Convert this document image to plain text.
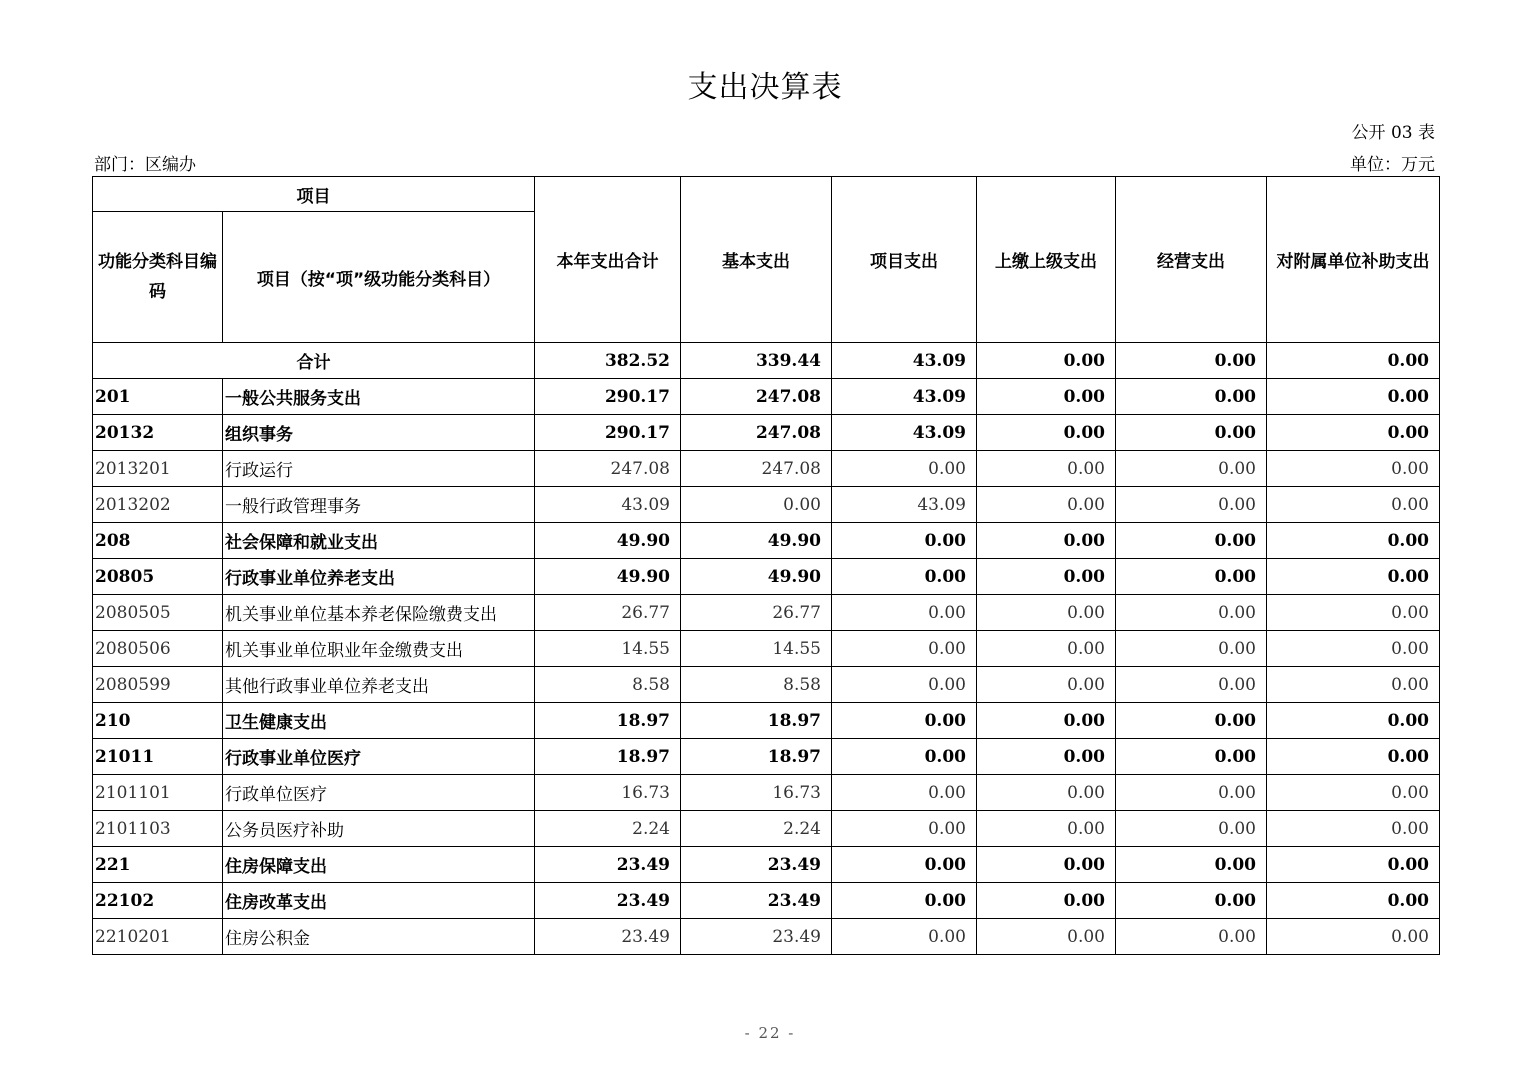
支出决算表
公开 03 表
部门：区编办	单位：万元
项目		本年支出合计	基本支出	项目支出	上缴上级支出	经营支出	对附属单位补助支出
功能分类科目编码	项目（按“项”级功能分类科目）						
合计		382.52	339.44	43.09	0.00	0.00	0.00
201	一般公共服务支出	290.17	247.08	43.09	0.00	0.00	0.00
20132	组织事务	290.17	247.08	43.09	0.00	0.00	0.00
2013201	行政运行	247.08	247.08	0.00	0.00	0.00	0.00
2013202	一般行政管理事务	43.09	0.00	43.09	0.00	0.00	0.00
208	社会保障和就业支出	49.90	49.90	0.00	0.00	0.00	0.00
20805	行政事业单位养老支出	49.90	49.90	0.00	0.00	0.00	0.00
2080505	机关事业单位基本养老保险缴费支出	26.77	26.77	0.00	0.00	0.00	0.00
2080506	机关事业单位职业年金缴费支出	14.55	14.55	0.00	0.00	0.00	0.00
2080599	其他行政事业单位养老支出	8.58	8.58	0.00	0.00	0.00	0.00
210	卫生健康支出	18.97	18.97	0.00	0.00	0.00	0.00
21011	行政事业单位医疗	18.97	18.97	0.00	0.00	0.00	0.00
2101101	行政单位医疗	16.73	16.73	0.00	0.00	0.00	0.00
2101103	公务员医疗补助	2.24	2.24	0.00	0.00	0.00	0.00
221	住房保障支出	23.49	23.49	0.00	0.00	0.00	0.00
22102	住房改革支出	23.49	23.49	0.00	0.00	0.00	0.00
2210201	住房公积金	23.49	23.49	0.00	0.00	0.00	0.00
- 22 -
